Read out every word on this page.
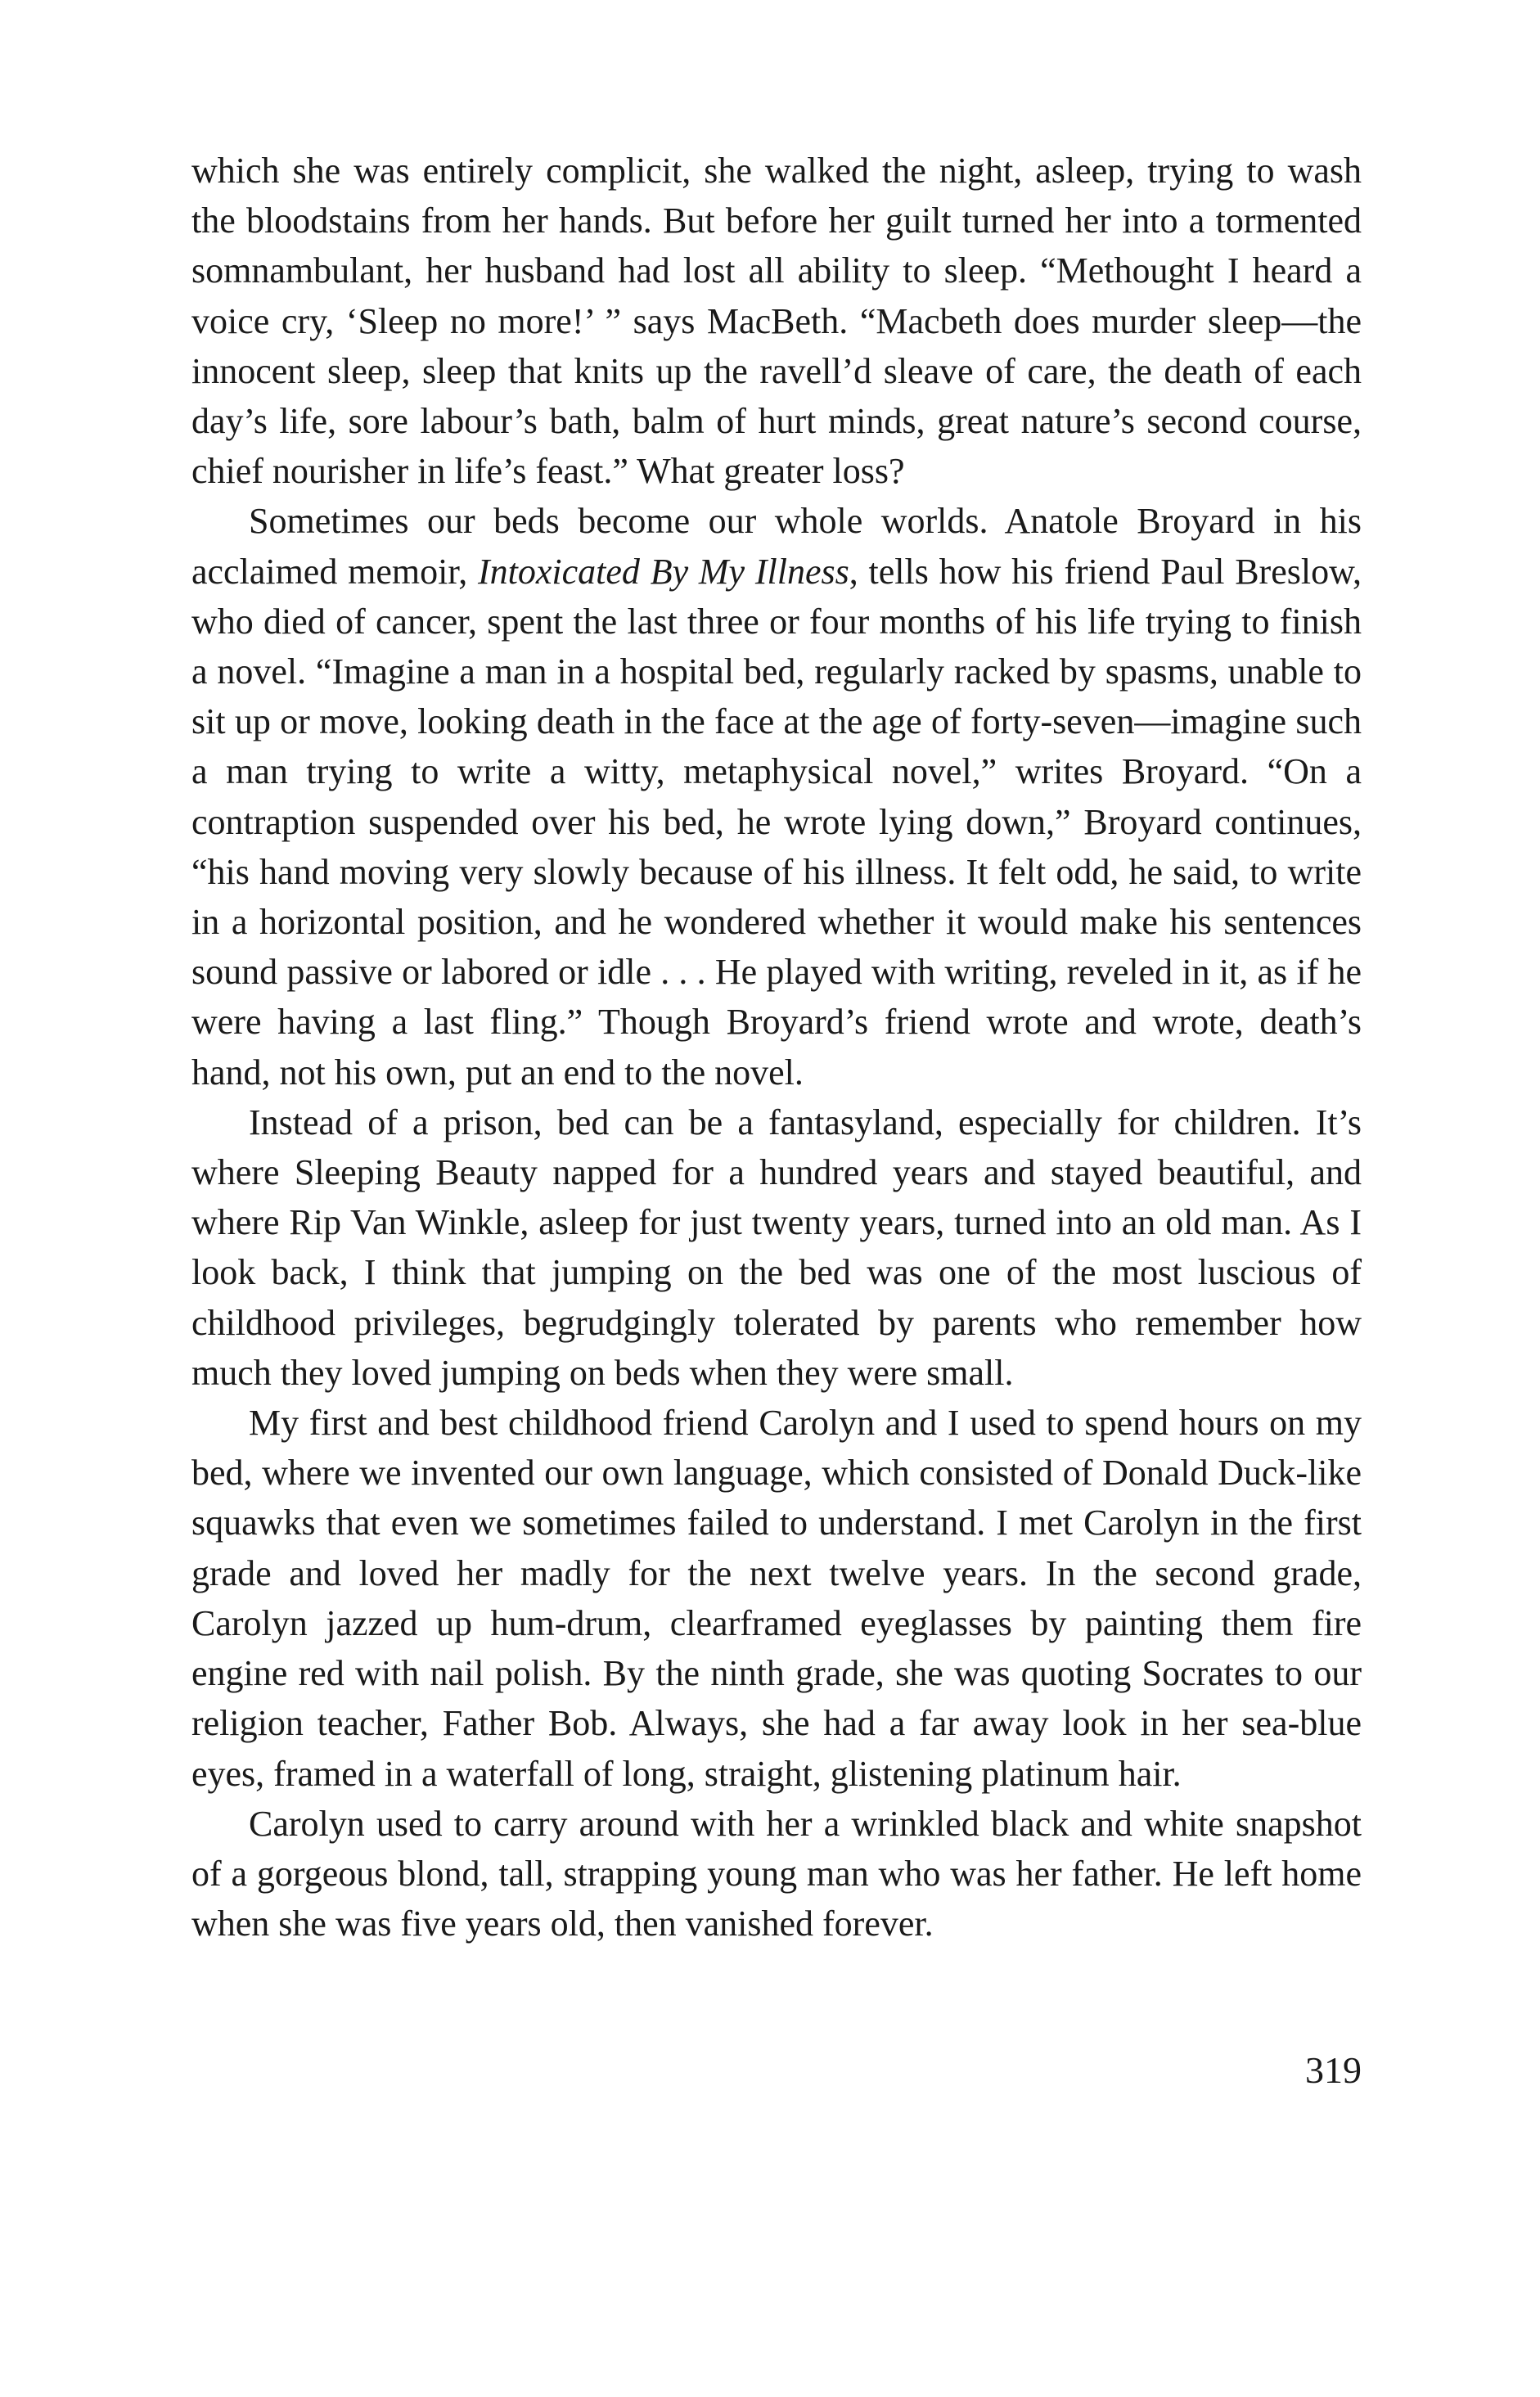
which she was entirely complicit, she walked the night, asleep, trying to wash the bloodstains from her hands. But before her guilt turned her into a tormented somnambulant, her husband had lost all ability to sleep. “Methought I heard a voice cry, ‘Sleep no more!’ ” says MacBeth. “Macbeth does murder sleep—the innocent sleep, sleep that knits up the ravell’d sleave of care, the death of each day’s life, sore labour’s bath, balm of hurt minds, great nature’s second course, chief nourisher in life’s feast.” What greater loss?

Sometimes our beds become our whole worlds. Anatole Broyard in his acclaimed memoir, Intoxicated By My Illness, tells how his friend Paul Breslow, who died of cancer, spent the last three or four months of his life trying to finish a novel. “Imagine a man in a hospital bed, regularly racked by spasms, unable to sit up or move, looking death in the face at the age of forty-seven—imagine such a man trying to write a witty, metaphysical novel,” writes Broyard. “On a contraption suspended over his bed, he wrote lying down,” Broyard continues, “his hand moving very slowly because of his illness. It felt odd, he said, to write in a horizontal position, and he wondered whether it would make his sentences sound passive or labored or idle . . . He played with writing, reveled in it, as if he were having a last fling.” Though Broyard’s friend wrote and wrote, death’s hand, not his own, put an end to the novel.

Instead of a prison, bed can be a fantasyland, especially for children. It’s where Sleeping Beauty napped for a hundred years and stayed beautiful, and where Rip Van Winkle, asleep for just twenty years, turned into an old man. As I look back, I think that jumping on the bed was one of the most luscious of childhood privileges, begrudgingly tolerated by parents who remember how much they loved jumping on beds when they were small.

My first and best childhood friend Carolyn and I used to spend hours on my bed, where we invented our own language, which consisted of Donald Duck-like squawks that even we sometimes failed to understand. I met Carolyn in the first grade and loved her madly for the next twelve years. In the second grade, Carolyn jazzed up hum-drum, clearframed eyeglasses by painting them fire engine red with nail polish. By the ninth grade, she was quoting Socrates to our religion teacher, Father Bob. Always, she had a far away look in her sea-blue eyes, framed in a waterfall of long, straight, glistening platinum hair.

Carolyn used to carry around with her a wrinkled black and white snapshot of a gorgeous blond, tall, strapping young man who was her father. He left home when she was five years old, then vanished forever.

319
